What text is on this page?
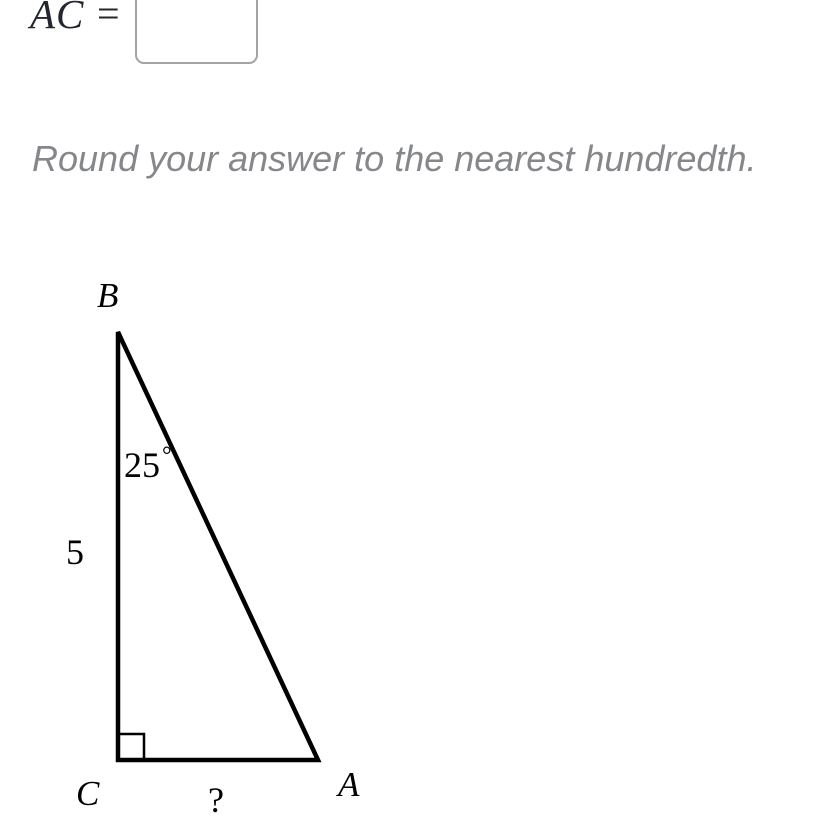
AC =
Round your answer to the nearest hundredth.
B
C	A
25°
5
?
